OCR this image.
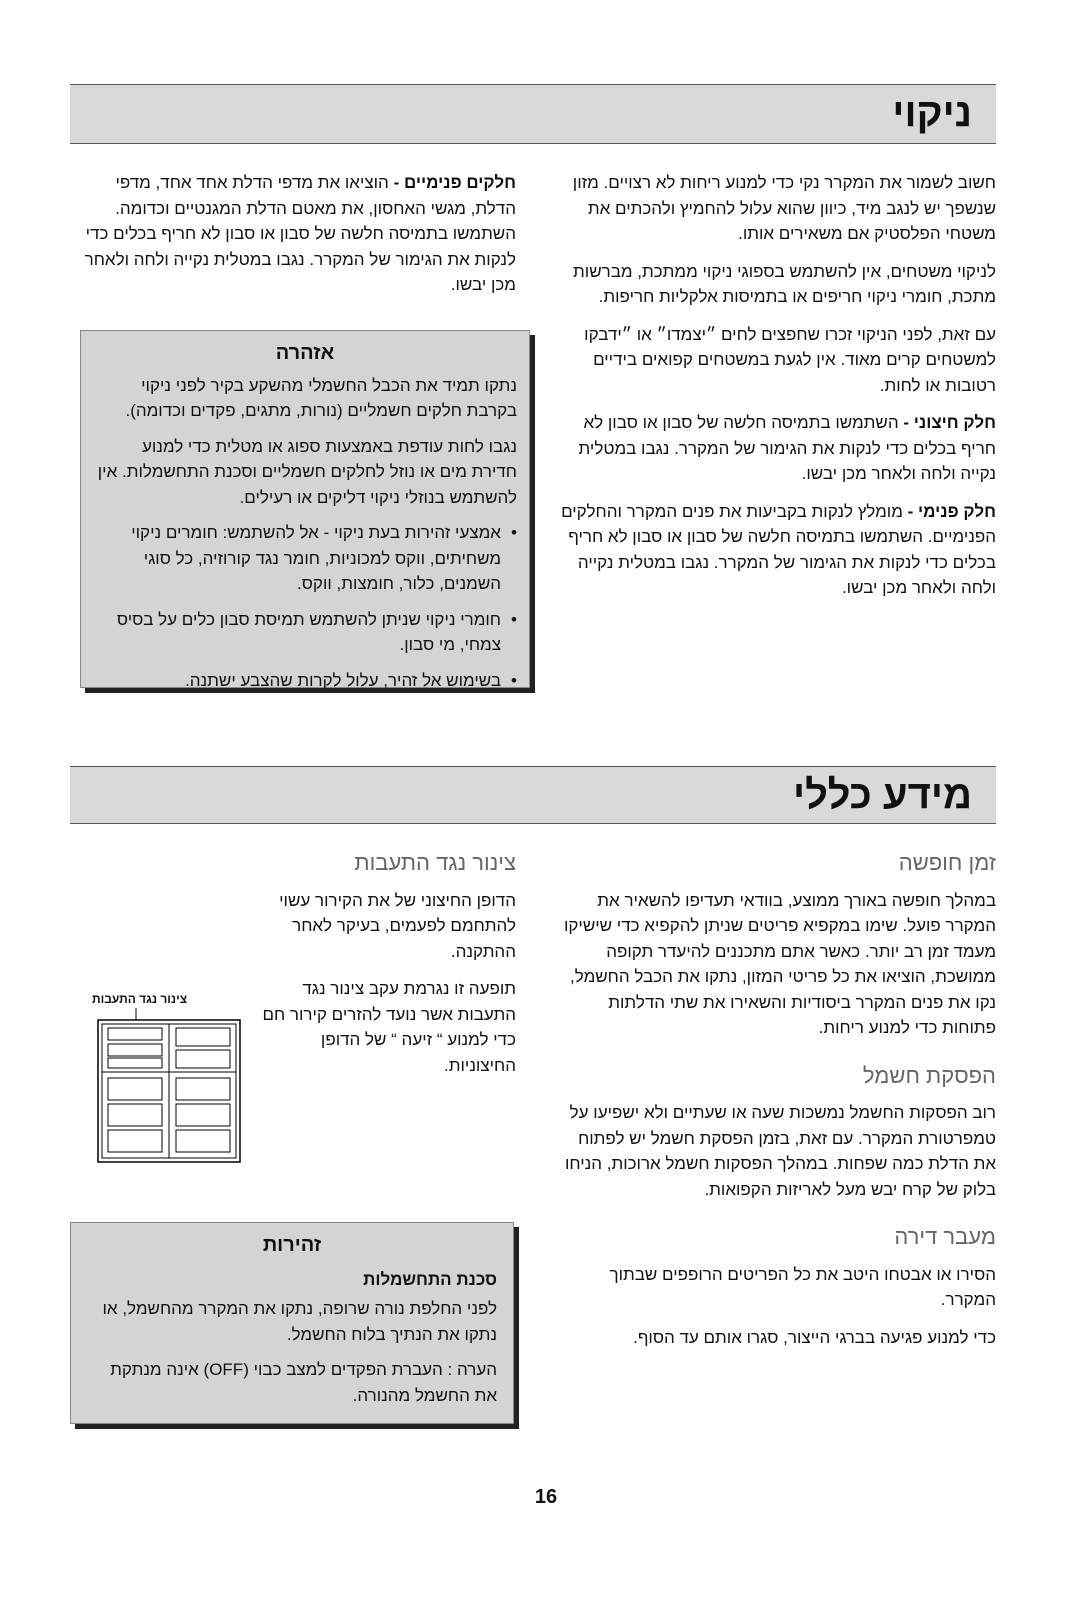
ניקוי

חשוב לשמור את המקרר נקי כדי למנוע ריחות לא רצויים. מזון שנשפך יש לנגב מיד, כיוון שהוא עלול להחמיץ ולהכתים את משטחי הפלסטיק אם משאירים אותו.

לניקוי משטחים, אין להשתמש בספוגי ניקוי ממתכת, מברשות מתכת, חומרי ניקוי חריפים או בתמיסות אלקליות חריפות.

עם זאת, לפני הניקוי זכרו שחפצים לחים ״יצמדו״ או ״ידבקו למשטחים קרים מאוד. אין לגעת במשטחים קפואים בידיים רטובות או לחות.

חלק חיצוני - השתמשו בתמיסה חלשה של סבון או סבון לא חריף בכלים כדי לנקות את הגימור של המקרר. נגבו במטלית נקייה ולחה ולאחר מכן יבשו.

חלק פנימי - מומלץ לנקות בקביעות את פנים המקרר והחלקים הפנימיים. השתמשו בתמיסה חלשה של סבון או סבון לא חריף בכלים כדי לנקות את הגימור של המקרר. נגבו במטלית נקייה ולחה ולאחר מכן יבשו.

חלקים פנימיים - הוציאו את מדפי הדלת אחד אחד, מדפי הדלת, מגשי האחסון, את מאטם הדלת המגנטיים וכדומה. השתמשו בתמיסה חלשה של סבון או סבון לא חריף בכלים כדי לנקות את הגימור של המקרר. נגבו במטלית נקייה ולחה ולאחר מכן יבשו.

אזהרה

נתקו תמיד את הכבל החשמלי מהשקע בקיר לפני ניקוי בקרבת חלקים חשמליים (נורות, מתגים, פקדים וכדומה).

נגבו לחות עודפת באמצעות ספוג או מטלית כדי למנוע חדירת מים או נוזל לחלקים חשמליים וסכנת התחשמלות. אין להשתמש בנוזלי ניקוי דליקים או רעילים.

• אמצעי זהירות בעת ניקוי - אל להשתמש: חומרים ניקוי משחיתים, ווקס למכוניות, חומר נגד קורוזיה, כל סוגי השמנים, כלור, חומצות, ווקס.
• חומרי ניקוי שניתן להשתמש תמיסת סבון כלים על בסיס צמחי, מי סבון.
• בשימוש אל זהיר, עלול לקרות שהצבע ישתנה.
מידע כללי
זמן חופשה

במהלך חופשה באורך ממוצע, בוודאי תעדיפו להשאיר את המקרר פועל. שימו במקפיא פריטים שניתן להקפיא כדי שישיקו מעמד זמן רב יותר. כאשר אתם מתכננים להיעדר תקופה ממושכת, הוציאו את כל פריטי המזון, נתקו את הכבל החשמל, נקו את פנים המקרר ביסודיות והשאירו את שתי הדלתות פתוחות כדי למנוע ריחות.

הפסקת חשמל

רוב הפסקות החשמל נמשכות שעה או שעתיים ולא ישפיעו על טמפרטורת המקרר. עם זאת, בזמן הפסקת חשמל יש לפתוח את הדלת כמה שפחות. במהלך הפסקות חשמל ארוכות, הניחו בלוק של קרח יבש מעל לאריזות הקפואות.

מעבר דירה

הסירו או אבטחו היטב את כל הפריטים הרופפים שבתוך המקרר.

כדי למנוע פגיעה בברגי הייצור, סגרו אותם עד הסוף.

צינור נגד התעבות

הדופן החיצוני של את הקירור עשוי להתחמם לפעמים, בעיקר לאחר ההתקנה.

תופעה זו נגרמת עקב צינור נגד התעבות אשר נועד להזרים קירור חם כדי למנוע “ זיעה “ של הדופן החיצוניות.

צינור נגד התעבות
זהירות

סכנת התחשמלות

לפני החלפת נורה שרופה, נתקו את המקרר מהחשמל, או נתקו את הנתיך בלוח החשמל.

הערה : העברת הפקדים למצב כבוי (OFF) אינה מנתקת את החשמל מהנורה.

16
